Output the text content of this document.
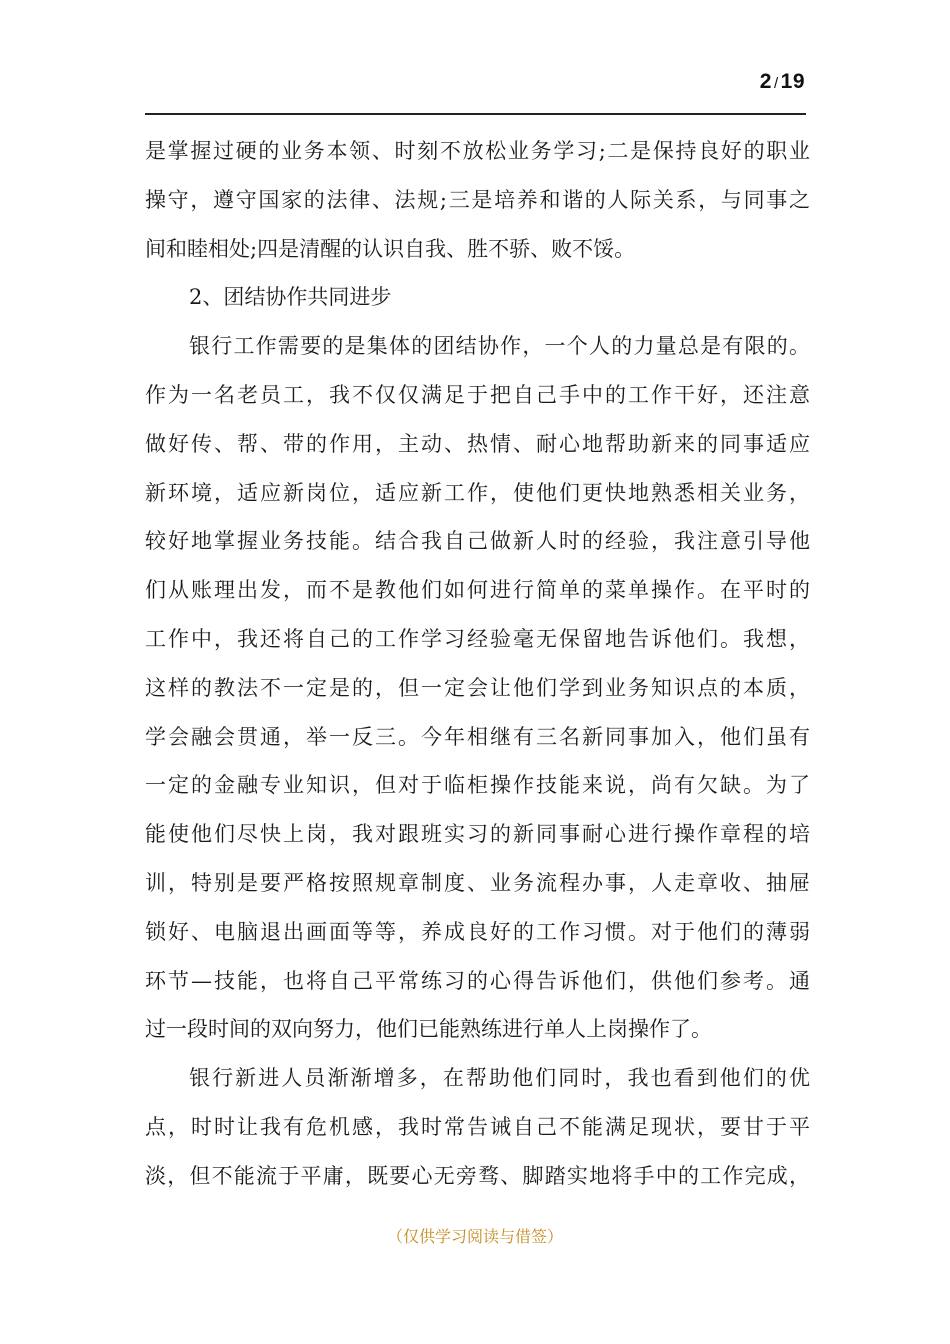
2 /19
是掌握过硬的业务本领、时刻不放松业务学习;二是保持良好的职业
操守，遵守国家的法律、法规;三是培养和谐的人际关系，与同事之
间和睦相处;四是清醒的认识自我、胜不骄、败不馁。
2、团结协作共同进步
银行工作需要的是集体的团结协作，一个人的力量总是有限的。
作为一名老员工，我不仅仅满足于把自己手中的工作干好，还注意
做好传、帮、带的作用，主动、热情、耐心地帮助新来的同事适应
新环境，适应新岗位，适应新工作，使他们更快地熟悉相关业务，
较好地掌握业务技能。结合我自己做新人时的经验，我注意引导他
们从账理出发，而不是教他们如何进行简单的菜单操作。在平时的
工作中，我还将自己的工作学习经验毫无保留地告诉他们。我想，
这样的教法不一定是的，但一定会让他们学到业务知识点的本质，
学会融会贯通，举一反三。今年相继有三名新同事加入，他们虽有
一定的金融专业知识，但对于临柜操作技能来说，尚有欠缺。为了
能使他们尽快上岗，我对跟班实习的新同事耐心进行操作章程的培
训，特别是要严格按照规章制度、业务流程办事，人走章收、抽屉
锁好、电脑退出画面等等，养成良好的工作习惯。对于他们的薄弱
环节—技能，也将自己平常练习的心得告诉他们，供他们参考。通
过一段时间的双向努力，他们已能熟练进行单人上岗操作了。
银行新进人员渐渐增多，在帮助他们同时，我也看到他们的优
点，时时让我有危机感，我时常告诫自己不能满足现状，要甘于平
淡，但不能流于平庸，既要心无旁骛、脚踏实地将手中的工作完成，
（仅供学习阅读与借签）
